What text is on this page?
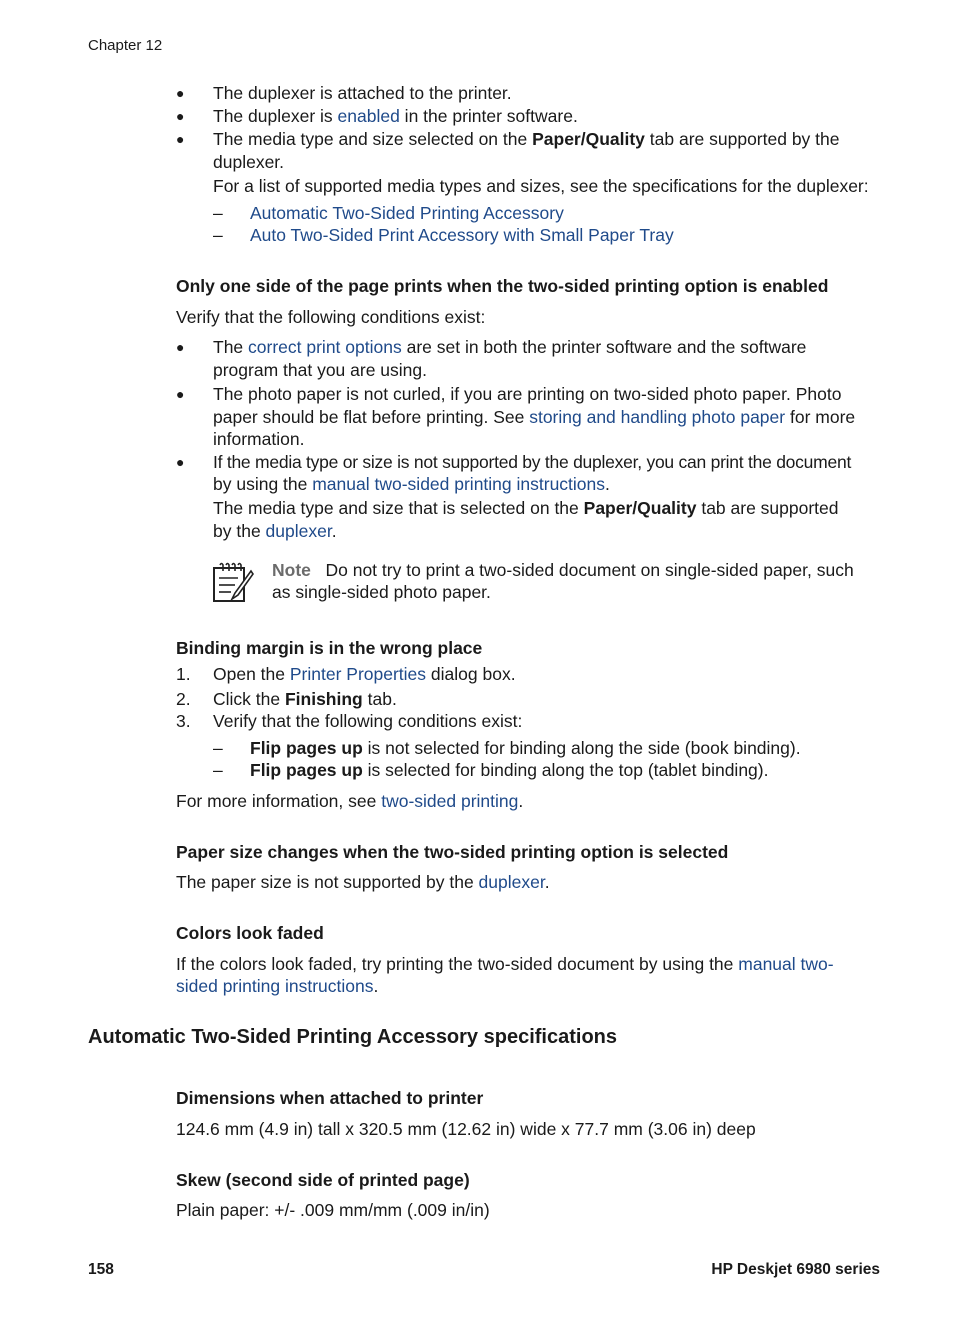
Chapter 12
● The duplexer is attached to the printer.
● The duplexer is enabled in the printer software.
● The media type and size selected on the Paper/Quality tab are supported by the
duplexer.
For a list of supported media types and sizes, see the specifications for the duplexer:
– Automatic Two-Sided Printing Accessory
– Auto Two-Sided Print Accessory with Small Paper Tray
Only one side of the page prints when the two-sided printing option is enabled
Verify that the following conditions exist:
● The correct print options are set in both the printer software and the software
program that you are using.
● The photo paper is not curled, if you are printing on two-sided photo paper. Photo
paper should be flat before printing. See storing and handling photo paper for more
information.
● If the media type or size is not supported by the duplexer, you can print the document
by using the manual two-sided printing instructions.
The media type and size that is selected on the Paper/Quality tab are supported
by the duplexer.
Note Do not try to print a two-sided document on single-sided paper, such
as single-sided photo paper.
Binding margin is in the wrong place
1. Open the Printer Properties dialog box.
2. Click the Finishing tab.
3. Verify that the following conditions exist:
– Flip pages up is not selected for binding along the side (book binding).
– Flip pages up is selected for binding along the top (tablet binding).
For more information, see two-sided printing.
Paper size changes when the two-sided printing option is selected
The paper size is not supported by the duplexer.
Colors look faded
If the colors look faded, try printing the two-sided document by using the manual two-
sided printing instructions.
Automatic Two-Sided Printing Accessory specifications
Dimensions when attached to printer
124.6 mm (4.9 in) tall x 320.5 mm (12.62 in) wide x 77.7 mm (3.06 in) deep
Skew (second side of printed page)
Plain paper: +/- .009 mm/mm (.009 in/in)
158	HP Deskjet 6980 series
